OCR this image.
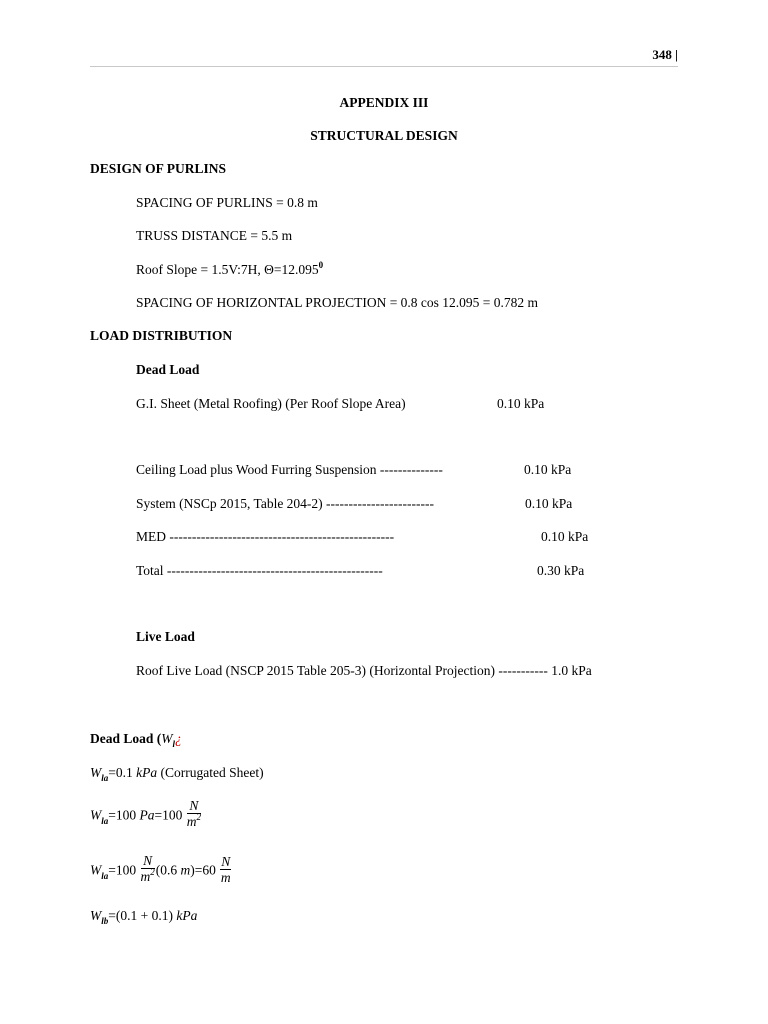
348 |
APPENDIX III
STRUCTURAL DESIGN
DESIGN OF PURLINS
SPACING OF PURLINS = 0.8 m
TRUSS DISTANCE = 5.5 m
Roof Slope = 1.5V:7H, $\Theta=12.095^0$
SPACING OF HORIZONTAL PROJECTION = 0.8 cos 12.095 = 0.782 m
LOAD DISTRIBUTION
Dead Load
G.I. Sheet (Metal Roofing) (Per Roof Slope Area)	0.10 kPa
Ceiling Load plus Wood Furring Suspension --------------	0.10 kPa
System (NSCp 2015, Table 204-2) ------------------------	0.10 kPa
MED --------------------------------------------------	0.10 kPa
Total ------------------------------------------------	0.30 kPa
Live Load
Roof Live Load (NSCP 2015 Table 205-3) (Horizontal Projection) ----------- 1.0 kPa
Dead Load ($W_l¿$
$W_{la}=0.1$ kPa (Corrugated Sheet)
$W_{la}=100$ $Pa=100 \frac{N}{m^2}$
$W_{la}=100 \frac{N}{m^2} (0.6$ $m)=60 \frac{N}{m}$
$W_{lb}=(0.1 + 0.1)$ kPa
